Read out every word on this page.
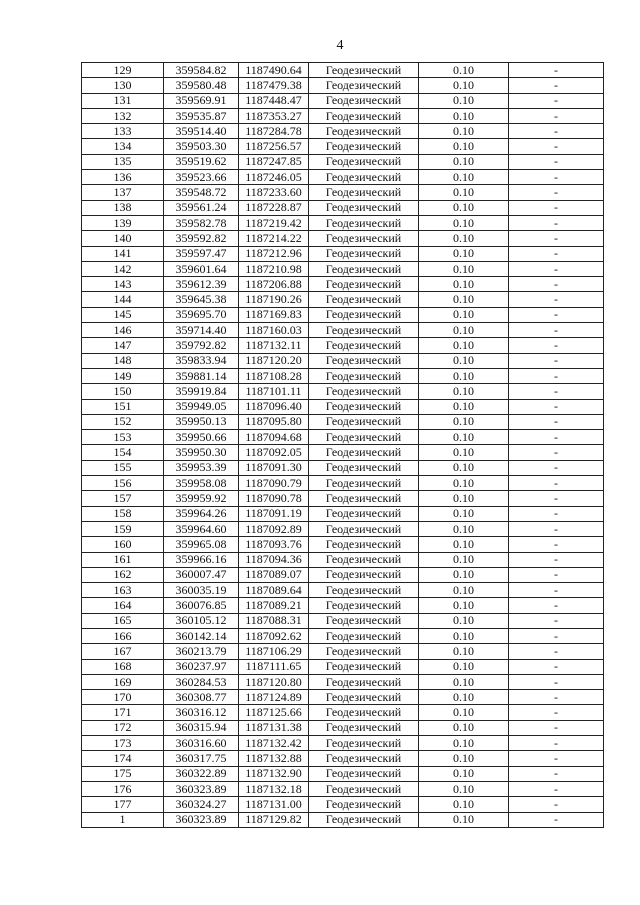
4
129	359584.82	1187490.64	Геодезический	0.10	-
130	359580.48	1187479.38	Геодезический	0.10	-
131	359569.91	1187448.47	Геодезический	0.10	-
132	359535.87	1187353.27	Геодезический	0.10	-
133	359514.40	1187284.78	Геодезический	0.10	-
134	359503.30	1187256.57	Геодезический	0.10	-
135	359519.62	1187247.85	Геодезический	0.10	-
136	359523.66	1187246.05	Геодезический	0.10	-
137	359548.72	1187233.60	Геодезический	0.10	-
138	359561.24	1187228.87	Геодезический	0.10	-
139	359582.78	1187219.42	Геодезический	0.10	-
140	359592.82	1187214.22	Геодезический	0.10	-
141	359597.47	1187212.96	Геодезический	0.10	-
142	359601.64	1187210.98	Геодезический	0.10	-
143	359612.39	1187206.88	Геодезический	0.10	-
144	359645.38	1187190.26	Геодезический	0.10	-
145	359695.70	1187169.83	Геодезический	0.10	-
146	359714.40	1187160.03	Геодезический	0.10	-
147	359792.82	1187132.11	Геодезический	0.10	-
148	359833.94	1187120.20	Геодезический	0.10	-
149	359881.14	1187108.28	Геодезический	0.10	-
150	359919.84	1187101.11	Геодезический	0.10	-
151	359949.05	1187096.40	Геодезический	0.10	-
152	359950.13	1187095.80	Геодезический	0.10	-
153	359950.66	1187094.68	Геодезический	0.10	-
154	359950.30	1187092.05	Геодезический	0.10	-
155	359953.39	1187091.30	Геодезический	0.10	-
156	359958.08	1187090.79	Геодезический	0.10	-
157	359959.92	1187090.78	Геодезический	0.10	-
158	359964.26	1187091.19	Геодезический	0.10	-
159	359964.60	1187092.89	Геодезический	0.10	-
160	359965.08	1187093.76	Геодезический	0.10	-
161	359966.16	1187094.36	Геодезический	0.10	-
162	360007.47	1187089.07	Геодезический	0.10	-
163	360035.19	1187089.64	Геодезический	0.10	-
164	360076.85	1187089.21	Геодезический	0.10	-
165	360105.12	1187088.31	Геодезический	0.10	-
166	360142.14	1187092.62	Геодезический	0.10	-
167	360213.79	1187106.29	Геодезический	0.10	-
168	360237.97	1187111.65	Геодезический	0.10	-
169	360284.53	1187120.80	Геодезический	0.10	-
170	360308.77	1187124.89	Геодезический	0.10	-
171	360316.12	1187125.66	Геодезический	0.10	-
172	360315.94	1187131.38	Геодезический	0.10	-
173	360316.60	1187132.42	Геодезический	0.10	-
174	360317.75	1187132.88	Геодезический	0.10	-
175	360322.89	1187132.90	Геодезический	0.10	-
176	360323.89	1187132.18	Геодезический	0.10	-
177	360324.27	1187131.00	Геодезический	0.10	-
1	360323.89	1187129.82	Геодезический	0.10	-
